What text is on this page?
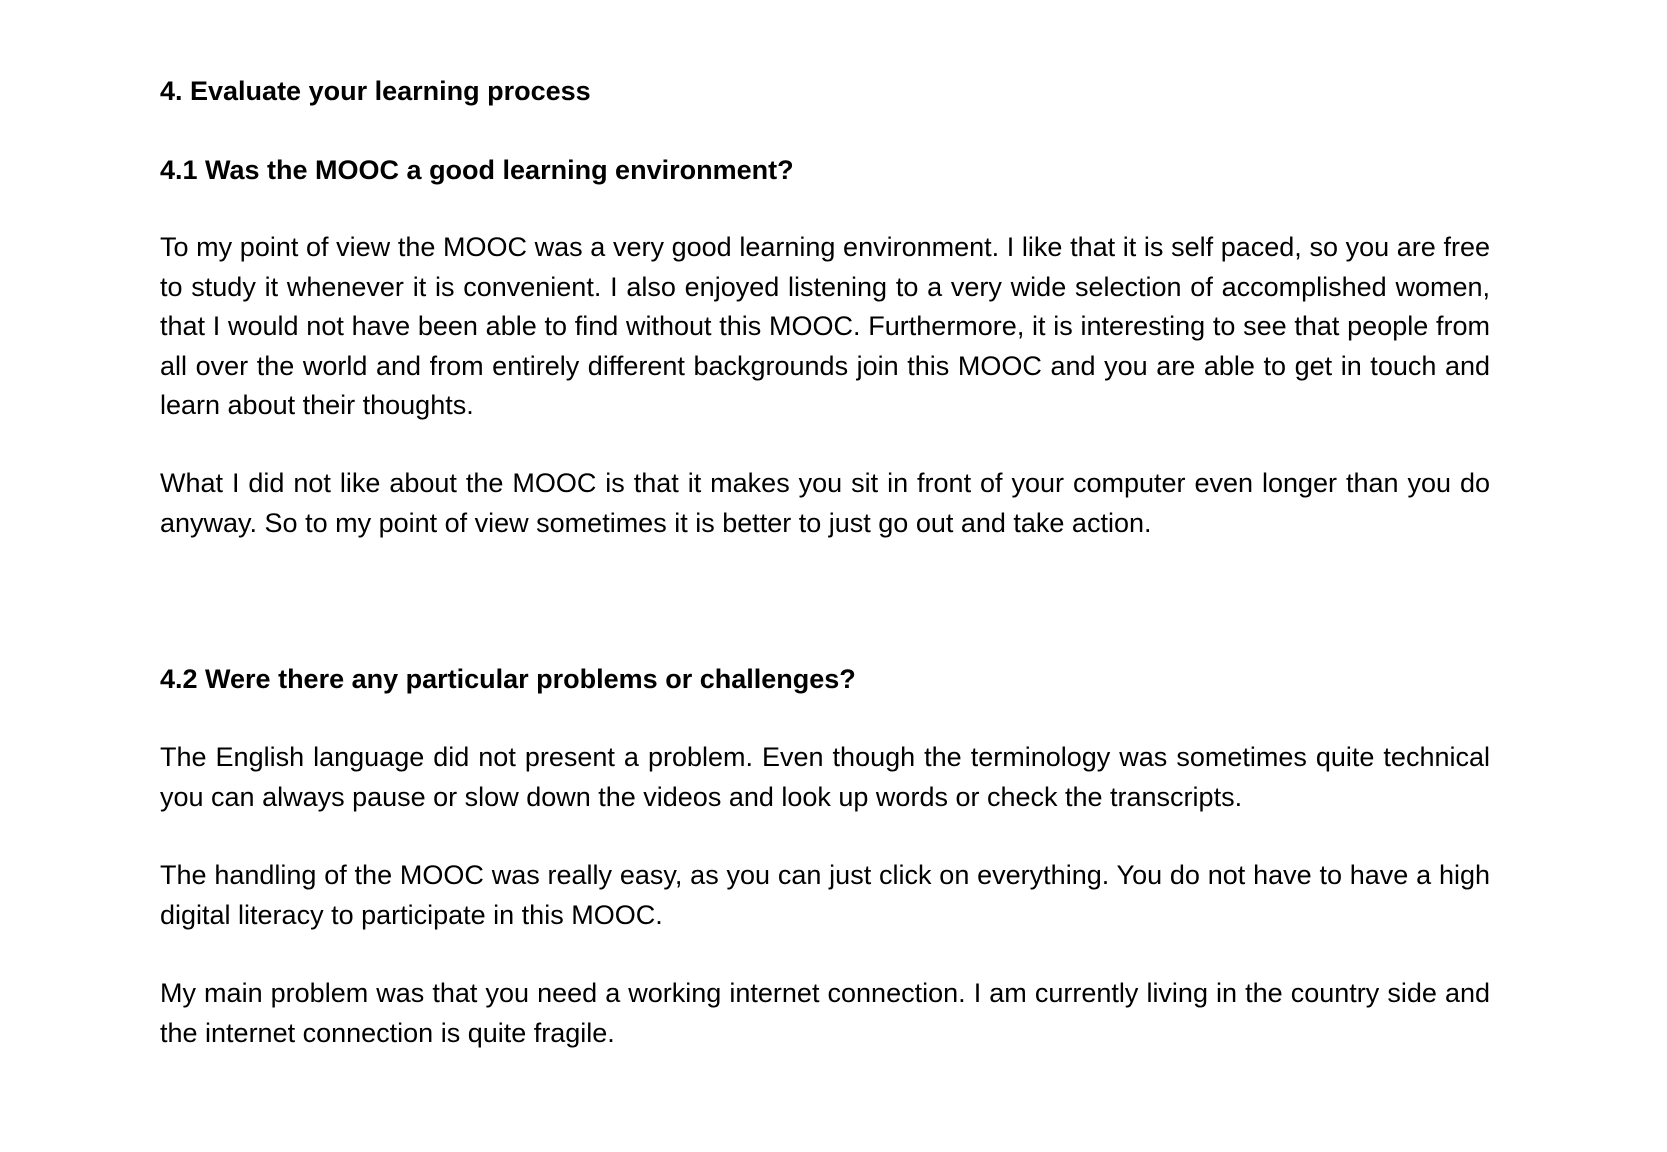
4. Evaluate your learning process
4.1 Was the MOOC a good learning environment?

To my point of view the MOOC was a very good learning environment. I like that it is self paced, so you are free to study it whenever it is convenient. I also enjoyed listening to a very wide selection of accomplished women, that I would not have been able to find without this MOOC. Furthermore, it is interesting to see that people from all over the world and from entirely different backgrounds join this MOOC and you are able to get in touch and learn about their thoughts.

What I did not like about the MOOC is that it makes you sit in front of your computer even longer than you do anyway. So to my point of view sometimes it is better to just go out and take action.

4.2 Were there any particular problems or challenges?

The English language did not present a problem. Even though the terminology was sometimes quite technical you can always pause or slow down the videos and look up words or check the transcripts.

The handling of the MOOC was really easy, as you can just click on everything. You do not have to have a high digital literacy to participate in this MOOC.

My main problem was that you need a working internet connection. I am currently living in the country side and the internet connection is quite fragile.
